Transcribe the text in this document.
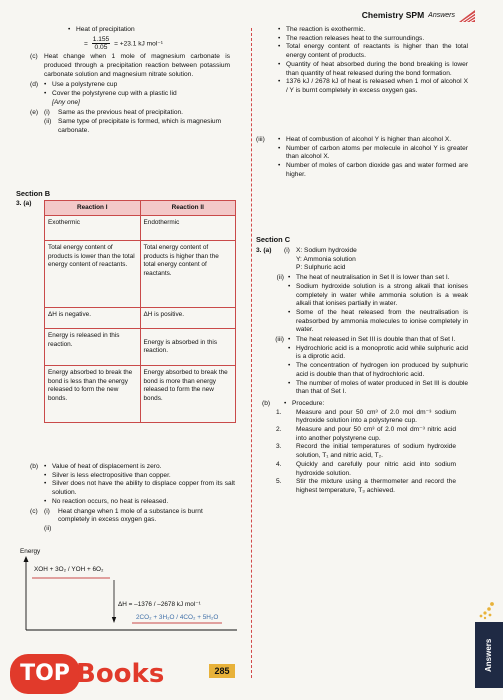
Chemistry SPM Answers
• Heat of precipitation
= $\frac{1.155}{0.05} = +23.1$ kJ mol⁻¹
(c) Heat change when 1 mole of magnesium carbonate is produced through a precipitation reaction between potassium carbonate solution and magnesium nitrate solution.
(d) • Use a polystyrene cup
• Cover the polystyrene cup with a plastic lid
[Any one]
(e) (i)	Same as the previous heat of precipitation.
(ii)	Same type of precipitate is formed, which is magnesium carbonate.
Section B
3. (a)
Reaction I	Reaction II
Exothermic	Endothermic
Total energy content of products is lower than the total energy content of reactants.	Total energy content of products is higher than the total energy content of reactants.
ΔH is negative.	ΔH is positive.
Energy is released in this reaction.	Energy is absorbed in this reaction.
Energy absorbed to break the bond is less than the energy released to form the new bonds.	Energy absorbed to break the bond is more than energy released to form the new bonds.
(b) • Value of heat of displacement is zero.
• Silver is less electropositive than copper.
• Silver does not have the ability to displace copper from its salt solution.
• No reaction occurs, no heat is released.
(c) (i)	Heat change when 1 mole of a substance is burnt completely in excess oxygen gas.
(ii)
Energy
XOH + 3O₂ / YOH + 6O₂
ΔH = –1376 / –2678 kJ mol⁻¹
2CO₂ + 3H₂O / 4CO₂ + 5H₂O
• The reaction is exothermic.
• The reaction releases heat to the surroundings.
• Total energy content of reactants is higher than the total energy content of products.
• Quantity of heat absorbed during the bond breaking is lower than quantity of heat released during the bond formation.
• 1376 kJ / 2678 kJ of heat is released when 1 mol of alcohol X / Y is burnt completely in excess oxygen gas.
(iii)	• Heat of combustion of alcohol Y is higher than alcohol X.
• Number of carbon atoms per molecule in alcohol Y is greater than alcohol X.
• Number of moles of carbon dioxide gas and water formed are higher.
Section C
3. (a)	(i) X: Sodium hydroxide
Y: Ammonia solution
P: Sulphuric acid
(ii) • The heat of neutralisation in Set II is lower than set I.
• Sodium hydroxide solution is a strong alkali that ionises completely in water while ammonia solution is a weak alkali that ionises partially in water.
• Some of the heat released from the neutralisation is reabsorbed by ammonia molecules to ionise completely in water.
(iii) • The heat released in Set III is double than that of Set I.
• Hydrochloric acid is a monoprotic acid while sulphuric acid is a diprotic acid.
• The concentration of hydrogen ion produced by sulphuric acid is double than that of hydrochloric acid.
• The number of moles of water produced in Set III is double than that of Set I.
(b)	• Procedure:
1.	Measure and pour 50 cm³ of 2.0 mol dm⁻³ sodium hydroxide solution into a polystyrene cup.
2.	Measure and pour 50 cm³ of 2.0 mol dm⁻³ nitric acid into another polystyrene cup.
3.	Record the initial temperatures of sodium hydroxide solution, T₁ and nitric acid, T₂.
4.	Quickly and carefully pour nitric acid into sodium hydroxide solution.
5.	Stir the mixture using a thermometer and record the highest temperature, T₃ achieved.
Answers
285
TOP Books
